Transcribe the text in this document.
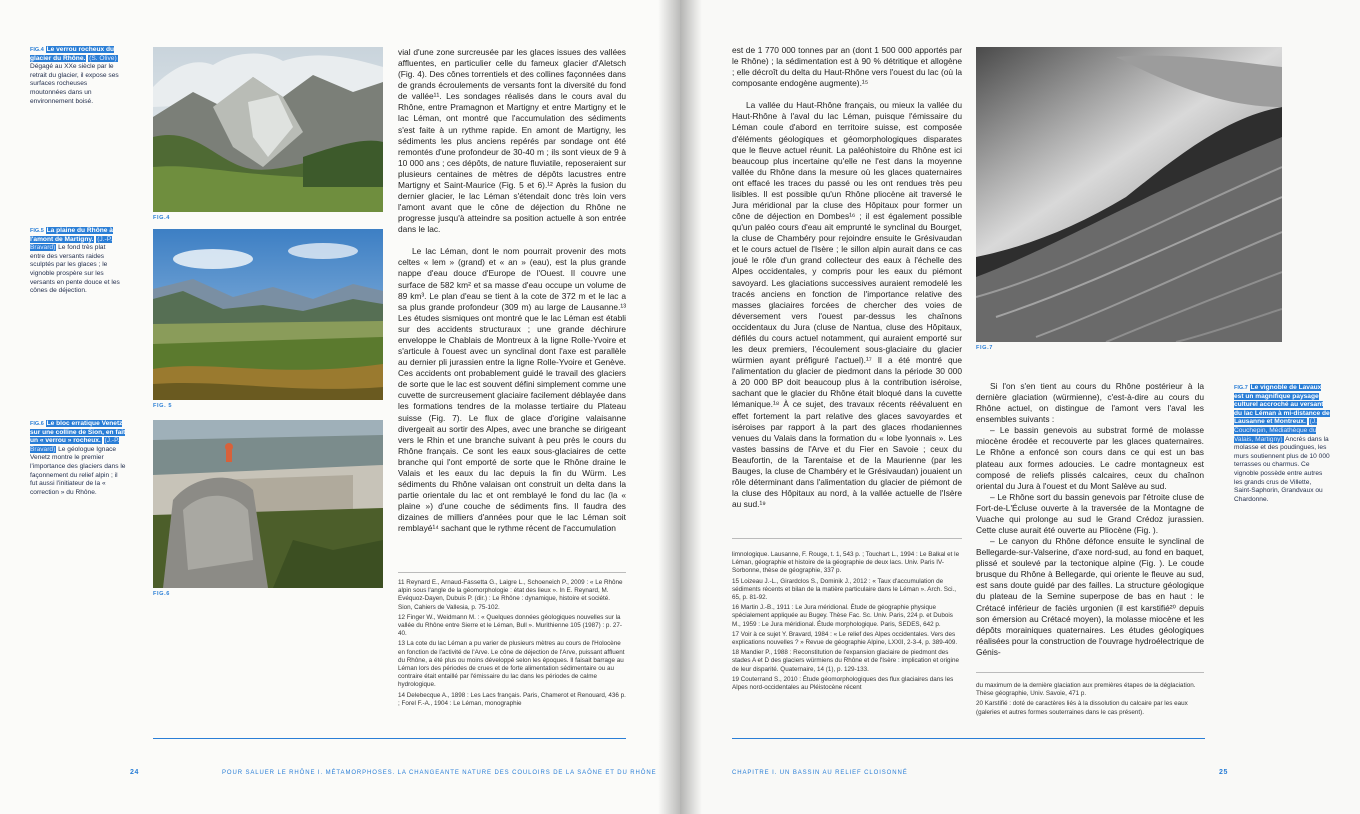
FIG.4 Le verrou rocheux du glacier du Rhône. (S. Olive) Dégagé au XXe siècle par le retrait du glacier, il expose ses surfaces rocheuses moutonnées dans un environnement boisé.
FIG.5 La plaine du Rhône à l'amont de Martigny. (J.-P. Bravard) Le fond très plat entre des versants raides sculptés par les glaces ; le vignoble prospère sur les versants en pente douce et les cônes de déjection.
FIG.6 Le bloc erratique Venetz sur une colline de Sion, en fait un « verrou » rocheux. (J.-P. Bravard) Le géologue Ignace Venetz montre le premier l'importance des glaciers dans le façonnement du relief alpin ; il fut aussi l'initiateur de la « correction » du Rhône.
FIG.4
FIG. 5
FIG.6

vial d'une zone surcreusée par les glaces issues des vallées affluentes, en particulier celle du fameux glacier d'Aletsch (Fig. 4). Des cônes torrentiels et des collines façonnées dans de grands écroulements de versants font la diversité du fond de vallée¹¹. Les sondages réalisés dans le cours aval du Rhône, entre Pramagnon et Martigny et entre Martigny et le lac Léman, ont montré que l'accumulation des sédiments s'est faite à un rythme rapide. En amont de Martigny, les sédiments les plus anciens repérés par sondage ont été remontés d'une profondeur de 30-40 m ; ils sont vieux de 9 à 10 000 ans ; ces dépôts, de nature fluviatile, reposeraient sur plusieurs centaines de mètres de dépôts lacustres entre Martigny et Saint-Maurice (Fig. 5 et 6).¹² Après la fusion du dernier glacier, le lac Léman s'étendait donc très loin vers l'amont avant que le cône de déjection du Rhône ne progresse jusqu'à atteindre sa position actuelle à son entrée dans le lac.

Le lac Léman, dont le nom pourrait provenir des mots celtes « lem » (grand) et « an » (eau), est la plus grande nappe d'eau douce d'Europe de l'Ouest. Il couvre une surface de 582 km² et sa masse d'eau occupe un volume de 89 km³. Le plan d'eau se tient à la cote de 372 m et le lac a sa plus grande profondeur (309 m) au large de Lausanne.¹³ Les études sismiques ont montré que le lac Léman est établi sur des accidents structuraux ; une grande déchirure enveloppe le Chablais de Montreux à la ligne Rolle-Yvoire et s'articule à l'ouest avec un synclinal dont l'axe est parallèle au dernier pli jurassien entre la ligne Rolle-Yvoire et Genève. Ces accidents ont probablement guidé le travail des glaciers de sorte que le lac est souvent défini simplement comme une cuvette de surcreusement glaciaire facilement déblayée dans les formations tendres de la molasse tertiaire du Plateau suisse (Fig. 7). Le flux de glace d'origine valaisanne divergeait au sortir des Alpes, avec une branche se dirigeant vers le Rhin et une branche suivant à peu près le cours du Rhône français. Ce sont les eaux sous-glaciaires de cette branche qui l'ont emporté de sorte que le Rhône draine le Valais et les eaux du lac depuis la fin du Würm. Les sédiments du Rhône valaisan ont construit un delta dans la partie orientale du lac et ont remblayé le fond du lac (la « plaine ») d'une couche de sédiments fins. Il faudra des dizaines de milliers d'années pour que le lac Léman soit remblayé¹⁴ sachant que le rythme récent de l'accumulation

11 Reynard E., Arnaud-Fassetta G., Laigre L., Schoeneich P., 2009 : « Le Rhône alpin sous l'angle de la géomorphologie : état des lieux ». In E. Reynard, M. Evéquoz-Dayen, Dubuis P. (dir.) : Le Rhône : dynamique, histoire et société. Sion, Cahiers de Vallesia, p. 75-102.

12 Finger W., Weidmann M. : « Quelques données géologiques nouvelles sur la vallée du Rhône entre Sierre et le Léman, Bull ». Murithienne 105 (1987) : p. 27-40.

13 La cote du lac Léman a pu varier de plusieurs mètres au cours de l'Holocène en fonction de l'activité de l'Arve. Le cône de déjection de l'Arve, puissant affluent du Rhône, a été plus ou moins développé selon les époques. Il faisait barrage au Léman lors des périodes de crues et de forte alimentation sédimentaire ou au contraire était entaillé par l'émissaire du lac dans les périodes de calme hydrologique.

14 Delebecque A., 1898 : Les Lacs français. Paris, Chamerot et Renouard, 436 p. ; Forel F.-A., 1904 : Le Léman, monographie

24	POUR SALUER LE RHÔNE I. MÉTAMORPHOSES. LA CHANGEANTE NATURE DES COULOIRS DE LA SAÔNE ET DU RHÔNE

est de 1 770 000 tonnes par an (dont 1 500 000 apportés par le Rhône) ; la sédimentation est à 90 % détritique et allogène ; elle décroît du delta du Haut-Rhône vers l'ouest du lac (où la composante endogène augmente).¹⁵

La vallée du Haut-Rhône français, ou mieux la vallée du Haut-Rhône à l'aval du lac Léman, puisque l'émissaire du Léman coule d'abord en territoire suisse, est composée d'éléments géologiques et géomorphologiques disparates que le fleuve actuel réunit. La paléohistoire du Rhône est ici beaucoup plus incertaine qu'elle ne l'est dans la moyenne vallée du Rhône dans la mesure où les glaces quaternaires ont effacé les traces du passé ou les ont rendues très peu lisibles. Il est possible qu'un Rhône pliocène ait traversé le Jura méridional par la cluse des Hôpitaux pour former un cône de déjection en Dombes¹⁶ ; il est également possible qu'un paléo cours d'eau ait emprunté le synclinal du Bourget, la cluse de Chambéry pour rejoindre ensuite le Grésivaudan et le cours actuel de l'Isère ; le sillon alpin aurait dans ce cas joué le rôle d'un grand collecteur des eaux à l'échelle des Alpes occidentales, y compris pour les eaux du piémont savoyard. Les glaciations successives auraient remodelé les tracés anciens en fonction de l'importance relative des masses glaciaires forcées de chercher des voies de déversement vers l'ouest par-dessus les chaînons occidentaux du Jura (cluse de Nantua, cluse des Hôpitaux, défilés du cours actuel notamment, qui auraient emporté sur les deux premiers, l'écoulement sous-glaciaire du glacier würmien ayant préfiguré l'actuel).¹⁷ Il a été montré que l'alimentation du glacier de piedmont dans la période 30 000 à 20 000 BP doit beaucoup plus à la contribution iséroise, sachant que le glacier du Rhône était bloqué dans la cuvette lémanique.¹⁸ À ce sujet, des travaux récents réévaluent en effet fortement la part relative des glaces savoyardes et iséroises par rapport à la part des glaces rhodaniennes venues du Valais dans la formation du « lobe lyonnais ». Les vastes bassins de l'Arve et du Fier en Savoie ; ceux du Beaufortin, de la Tarentaise et de la Maurienne (par les Bauges, la cluse de Chambéry et le Grésivaudan) jouaient un rôle déterminant dans l'alimentation du glacier de piémont de la cluse des Hôpitaux au nord, à la vallée actuelle de l'Isère au sud.¹⁹

limnologique. Lausanne, F. Rouge, t. 1, 543 p. ; Touchart L., 1994 : Le Balkal et le Léman, géographie et histoire de la géographie de deux lacs. Univ. Paris IV-Sorbonne, thèse de géographie, 337 p.

15 Loizeau J.-L., Girardclos S., Dominik J., 2012 : « Taux d'accumulation de sédiments récents et bilan de la matière particulaire dans le Léman ». Arch. Sci., 65, p. 81-92.

16 Martin J.-B., 1911 : Le Jura méridional. Étude de géographie physique spécialement appliquée au Bugey. Thèse Fac. Sc. Univ. Paris, 224 p. et Dubois M., 1959 : Le Jura méridional. Étude morphologique. Paris, SEDES, 642 p.

17 Voir à ce sujet Y. Bravard, 1984 : « Le relief des Alpes occidentales. Vers des explications nouvelles ? » Revue de géographie Alpine, LXXII, 2-3-4, p. 389-409.

18 Mandier P., 1988 : Reconstitution de l'expansion glaciaire de piedmont des stades A et D des glaciers würmiens du Rhône et de l'Isère : implication et origine de leur disparité. Quaternaire, 14 (1), p. 129-133.

19 Couterrand S., 2010 : Étude géomorphologiques des flux glaciaires dans les Alpes nord-occidentales au Pléistocène récent

FIG.7

Si l'on s'en tient au cours du Rhône postérieur à la dernière glaciation (würmienne), c'est-à-dire au cours du Rhône actuel, on distingue de l'amont vers l'aval les ensembles suivants :

– Le bassin genevois au substrat formé de molasse miocène érodée et recouverte par les glaces quaternaires. Le Rhône a enfoncé son cours dans ce qui est un bas plateau aux formes adoucies. Le cadre montagneux est composé de reliefs plissés calcaires, ceux du chaînon oriental du Jura à l'ouest et du Mont Salève au sud.

– Le Rhône sort du bassin genevois par l'étroite cluse de Fort-de-L'Écluse ouverte à la traversée de la Montagne de Vuache qui prolonge au sud le Grand Crédoz jurassien. Cette cluse aurait été ouverte au Pliocène (Fig. ).

– Le canyon du Rhône défonce ensuite le synclinal de Bellegarde-sur-Valserine, d'axe nord-sud, au fond en baquet, plissé et soulevé par la tectonique alpine (Fig. ). Le coude brusque du Rhône à Bellegarde, qui oriente le fleuve au sud, est sans doute guidé par des failles. La structure géologique du plateau de la Semine superpose de bas en haut : le Crétacé inférieur de faciès urgonien (il est karstifié²⁰ depuis son émersion au Crétacé moyen), la molasse miocène et les dépôts morainiques quaternaires. Les études géologiques réalisées pour la construction de l'ouvrage hydroélectrique de Génis-

du maximum de la dernière glaciation aux premières étapes de la déglaciation. Thèse géographie, Univ. Savoie, 471 p.

20 Karstifié : doté de caractères liés à la dissolution du calcaire par les eaux (galeries et autres formes souterraines dans le cas présent).

FIG.7 Le vignoble de Lavaux est un magnifique paysage culturel accroché au versant du lac Léman à mi-distance de Lausanne et Montreux. (J. Couchepin, Médiathèque du Valais, Martigny) Ancrés dans la molasse et des poudingues, les murs soutiennent plus de 10 000 terrasses ou charmus. Ce vignoble possède entre autres les grands crus de Villette, Saint-Saphorin, Grandvaux ou Chardonne.
CHAPITRE I. UN BASSIN AU RELIEF CLOISONNÉ	25
